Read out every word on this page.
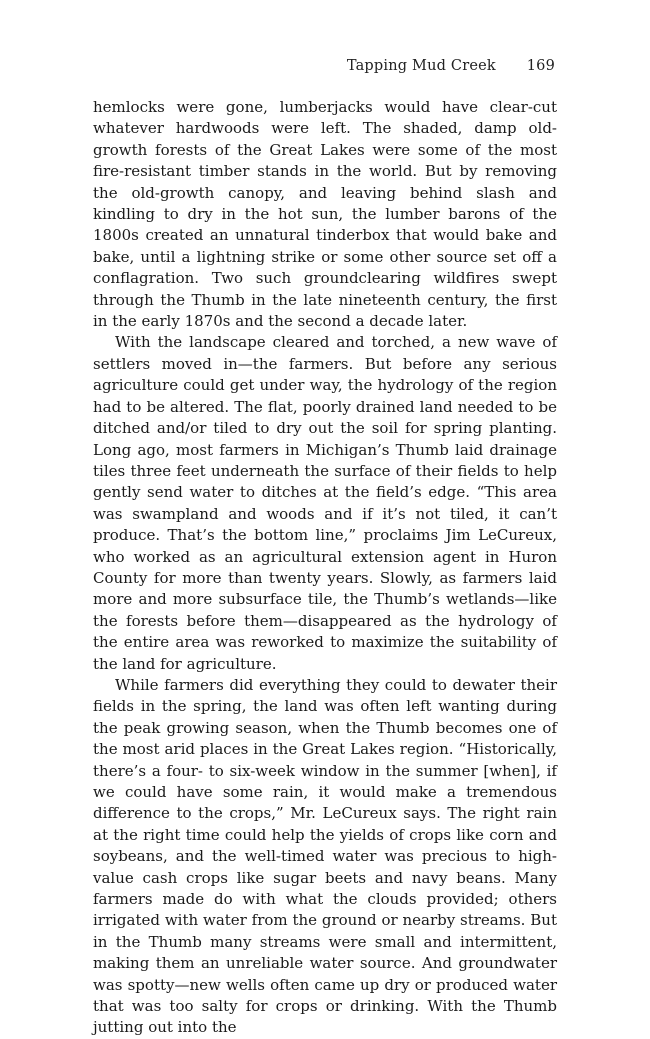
Tapping Mud Creek 169

hemlocks were gone, lumberjacks would have clear-cut whatever hardwoods were left. The shaded, damp old-growth forests of the Great Lakes were some of the most fire-resistant timber stands in the world. But by removing the old-growth canopy, and leaving behind slash and kindling to dry in the hot sun, the lumber barons of the 1800s created an unnatural tinderbox that would bake and bake, until a lightning strike or some other source set off a conflagration. Two such groundclearing wildfires swept through the Thumb in the late nineteenth century, the first in the early 1870s and the second a decade later.

With the landscape cleared and torched, a new wave of settlers moved in—the farmers. But before any serious agriculture could get under way, the hydrology of the region had to be altered. The flat, poorly drained land needed to be ditched and/or tiled to dry out the soil for spring planting. Long ago, most farmers in Michigan’s Thumb laid drainage tiles three feet underneath the surface of their fields to help gently send water to ditches at the field’s edge. “This area was swampland and woods and if it’s not tiled, it can’t produce. That’s the bottom line,” proclaims Jim LeCureux, who worked as an agricultural extension agent in Huron County for more than twenty years. Slowly, as farmers laid more and more subsurface tile, the Thumb’s wetlands—like the forests before them—disappeared as the hydrology of the entire area was reworked to maximize the suitability of the land for agriculture.

While farmers did everything they could to dewater their fields in the spring, the land was often left wanting during the peak growing season, when the Thumb becomes one of the most arid places in the Great Lakes region. “Historically, there’s a four- to six-week window in the summer [when], if we could have some rain, it would make a tremendous difference to the crops,” Mr. LeCureux says. The right rain at the right time could help the yields of crops like corn and soybeans, and the well-timed water was precious to high-value cash crops like sugar beets and navy beans. Many farmers made do with what the clouds provided; others irrigated with water from the ground or nearby streams. But in the Thumb many streams were small and intermittent, making them an unreliable water source. And groundwater was spotty—new wells often came up dry or produced water that was too salty for crops or drinking. With the Thumb jutting out into the
